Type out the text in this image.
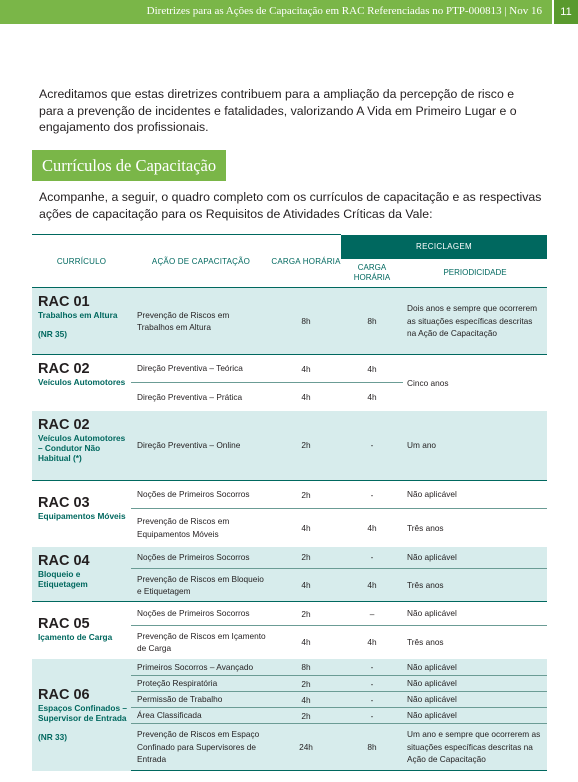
Diretrizes para as Ações de Capacitação em RAC Referenciadas no PTP-000813 | Nov 16	11

Acreditamos que estas diretrizes contribuem para a ampliação da percepção de risco e para a prevenção de incidentes e fatalidades, valorizando A Vida em Primeiro Lugar e o engajamento dos profissionais.

Currículos de Capacitação

Acompanhe, a seguir, o quadro completo com os currículos de capacitação e as respectivas ações de capacitação para os Requisitos de Atividades Críticas da Vale:

CURRÍCULO	AÇÃO DE CAPACITAÇÃO	CARGA HORÁRIA	RECICLAGEM	
			CARGA HORÁRIA	PERIODICIDADE

RAC 01
Trabalhos em Altura
(NR 35)	Prevenção de Riscos em Trabalhos em Altura	8h	8h	Dois anos e sempre que ocorrerem as situações específicas descritas na Ação de Capacitação

RAC 02
Veículos Automotores	Direção Preventiva – Teórica	4h	4h	Cinco anos
	Direção Preventiva – Prática	4h	4h	

RAC 02
Veículos Automotores – Condutor Não Habitual (*)	Direção Preventiva – Online	2h	-	Um ano

RAC 03
Equipamentos Móveis	Noções de Primeiros Socorros	2h	-	Não aplicável
	Prevenção de Riscos em Equipamentos Móveis	4h	4h	Três anos

RAC 04
Bloqueio e Etiquetagem	Noções de Primeiros Socorros	2h	-	Não aplicável
	Prevenção de Riscos em Bloqueio e Etiquetagem	4h	4h	Três anos

RAC 05
Içamento de Carga	Noções de Primeiros Socorros	2h	–	Não aplicável
	Prevenção de Riscos em Içamento de Carga	4h	4h	Três anos

RAC 06
Espaços Confinados – Supervisor de Entrada
(NR 33)	Primeiros Socorros – Avançado	8h	-	Não aplicável
	Proteção Respiratória	2h	-	Não aplicável
	Permissão de Trabalho	4h	-	Não aplicável
	Área Classificada	2h	-	Não aplicável
	Prevenção de Riscos em Espaço Confinado para Supervisores de Entrada	24h	8h	Um ano e sempre que ocorrerem as situações específicas descritas na Ação de Capacitação
